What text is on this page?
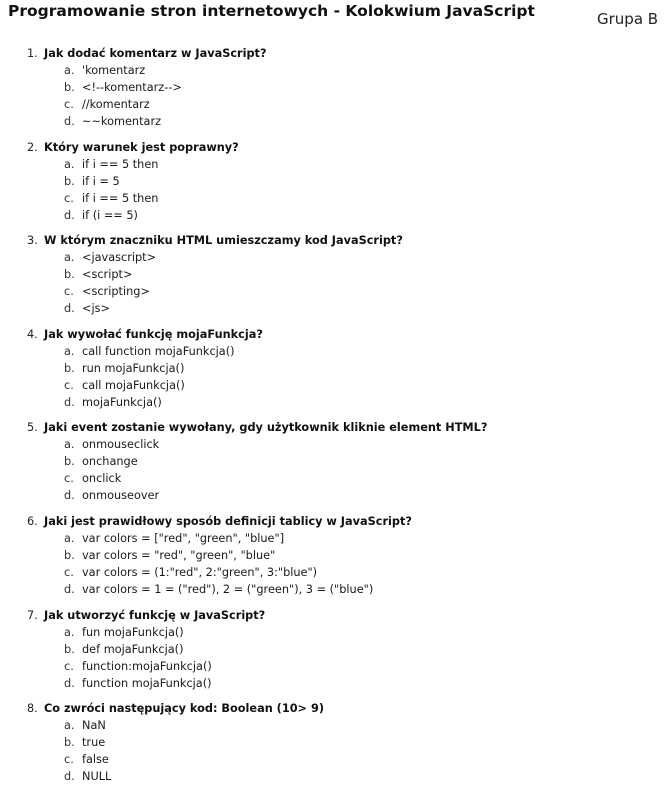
Programowanie stron internetowych - Kolokwium JavaScript	Grupa B
1. Jak dodać komentarz w JavaScript?
a. 'komentarz
b. <!--komentarz-->
c. //komentarz
d. ~~komentarz
2. Który warunek jest poprawny?
a. if i == 5 then
b. if i = 5
c. if i == 5 then
d. if (i == 5)
3. W którym znaczniku HTML umieszczamy kod JavaScript?
a. <javascript>
b. <script>
c. <scripting>
d. <js>
4. Jak wywołać funkcję mojaFunkcja?
a. call function mojaFunkcja()
b. run mojaFunkcja()
c. call mojaFunkcja()
d. mojaFunkcja()
5. Jaki event zostanie wywołany, gdy użytkownik kliknie element HTML?
a. onmouseclick
b. onchange
c. onclick
d. onmouseover
6. Jaki jest prawidłowy sposób definicji tablicy w JavaScript?
a. var colors = ["red", "green", "blue"]
b. var colors = "red", "green", "blue"
c. var colors = (1:"red", 2:"green", 3:"blue")
d. var colors = 1 = ("red"), 2 = ("green"), 3 = ("blue")
7. Jak utworzyć funkcję w JavaScript?
a. fun mojaFunkcja()
b. def mojaFunkcja()
c. function:mojaFunkcja()
d. function mojaFunkcja()
8. Co zwróci następujący kod: Boolean (10> 9)
a. NaN
b. true
c. false
d. NULL
